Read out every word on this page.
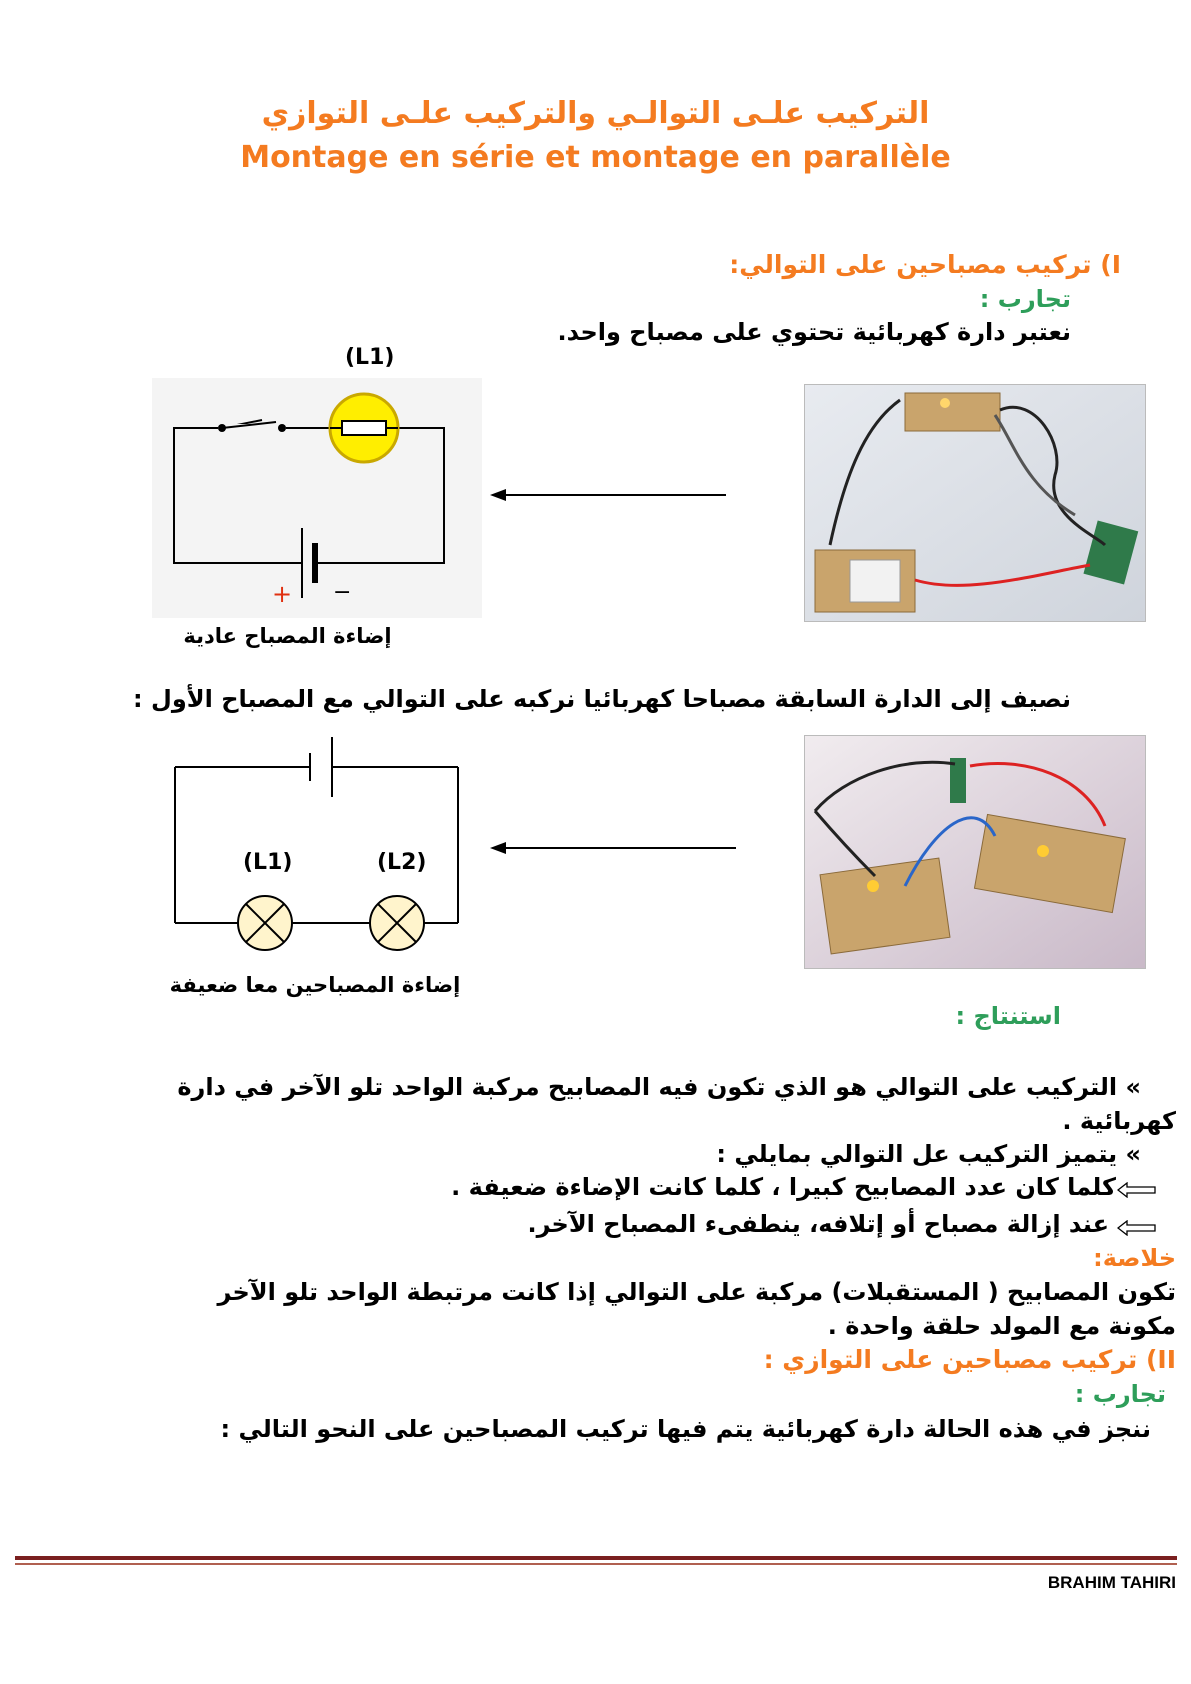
التركيب علـى التوالـي والتركيب علـى التوازي
Montage en série et montage en parallèle
I) تركيب مصباحين على التوالي:
تجارب :
نعتبر دارة كهربائية تحتوي على مصباح واحد.
(L1)
+ −
إضاءة المصباح عادية
نصيف إلى الدارة السابقة مصباحا كهربائيا نركبه على التوالي مع المصباح الأول :
(L1)	(L2)
إضاءة المصباحين معا ضعيفة
استنتاج :
» التركيب على التوالي هو الذي تكون فيه المصابيح مركبة الواحد تلو الآخر في دارة
كهربائية .
» يتميز التركيب عل التوالي بمايلي :
كلما كان عدد المصابيح كبيرا ، كلما كانت الإضاءة ضعيفة .
عند إزالة مصباح أو إتلافه، ينطفىء المصباح الآخر.
خلاصة:
تكون المصابيح ( المستقبلات) مركبة على التوالي إذا كانت مرتبطة الواحد تلو الآخر
مكونة مع المولد حلقة واحدة .
II) تركيب مصباحين على التوازي :
تجارب :
ننجز في هذه الحالة دارة كهربائية يتم فيها تركيب المصباحين على النحو التالي :
BRAHIM TAHIRI
